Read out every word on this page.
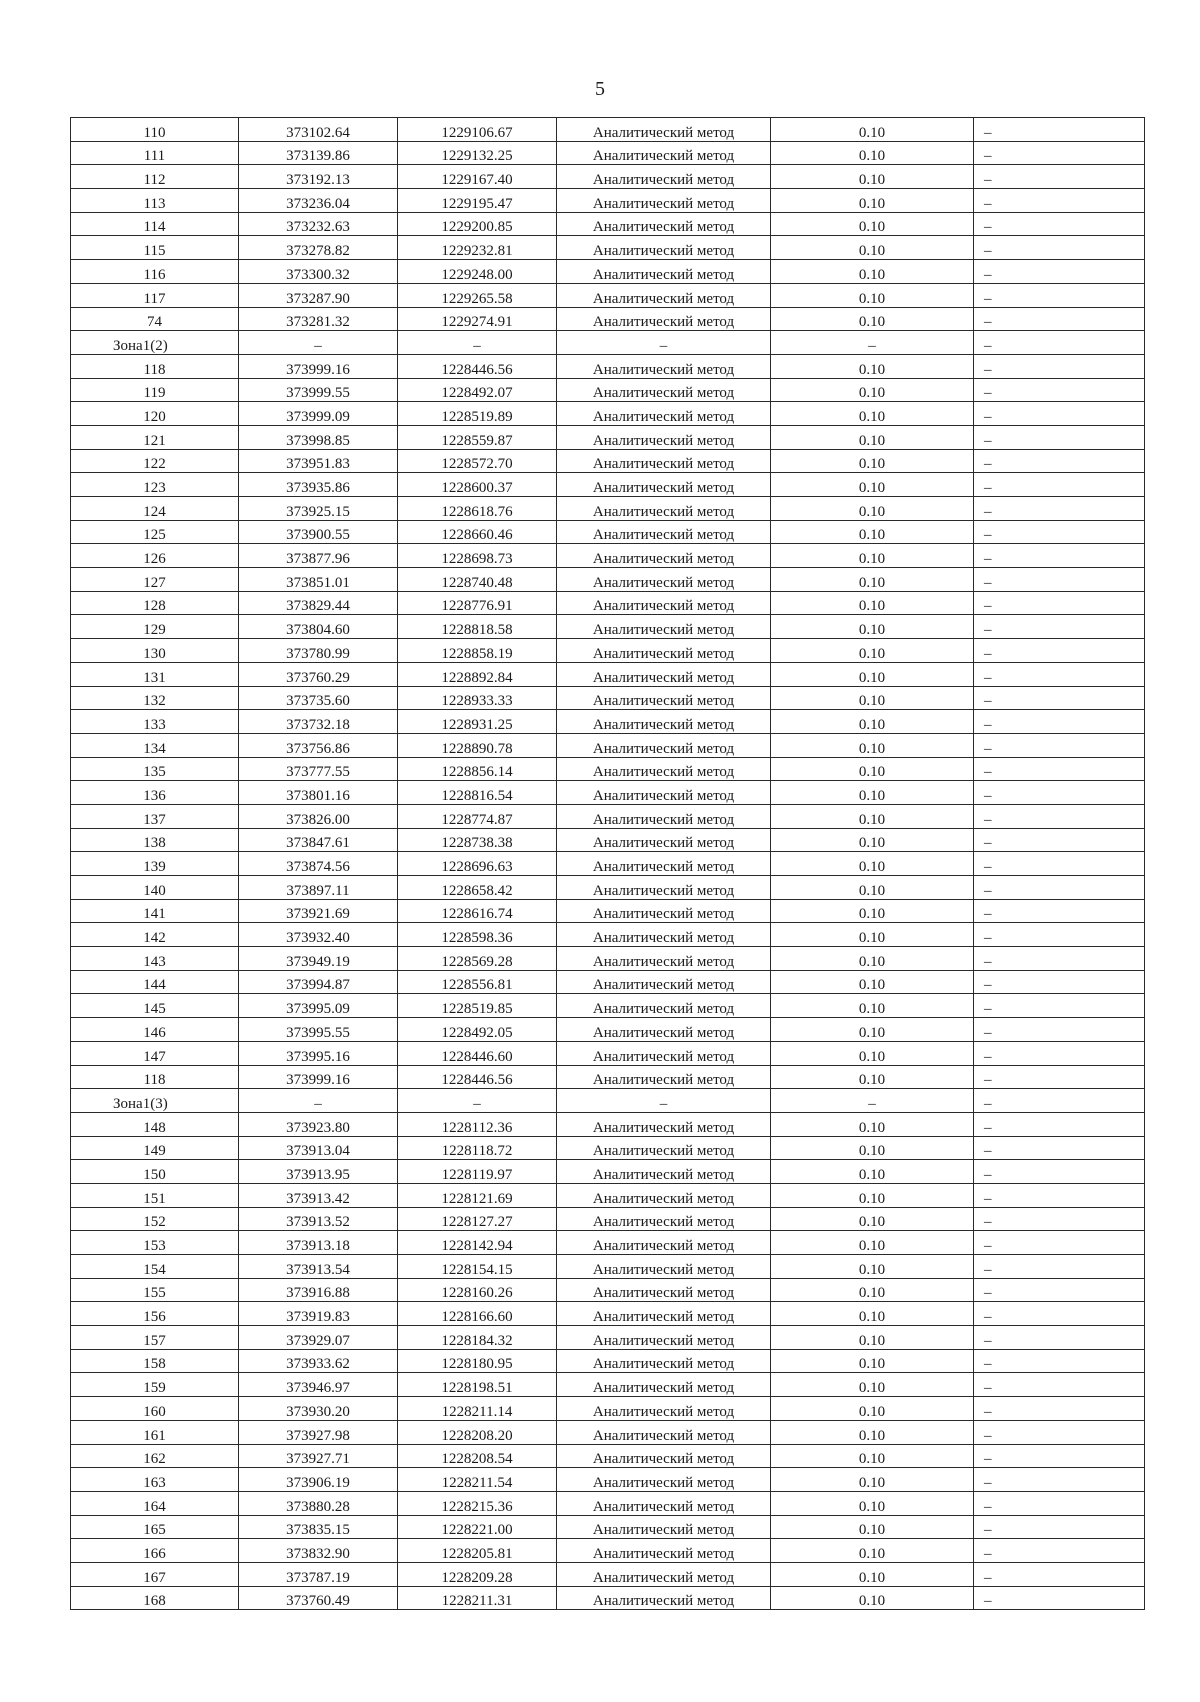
5
110	373102.64	1229106.67	Аналитический метод	0.10	–
111	373139.86	1229132.25	Аналитический метод	0.10	–
112	373192.13	1229167.40	Аналитический метод	0.10	–
113	373236.04	1229195.47	Аналитический метод	0.10	–
114	373232.63	1229200.85	Аналитический метод	0.10	–
115	373278.82	1229232.81	Аналитический метод	0.10	–
116	373300.32	1229248.00	Аналитический метод	0.10	–
117	373287.90	1229265.58	Аналитический метод	0.10	–
74	373281.32	1229274.91	Аналитический метод	0.10	–
Зона1(2)	–	–	–	–	–
118	373999.16	1228446.56	Аналитический метод	0.10	–
119	373999.55	1228492.07	Аналитический метод	0.10	–
120	373999.09	1228519.89	Аналитический метод	0.10	–
121	373998.85	1228559.87	Аналитический метод	0.10	–
122	373951.83	1228572.70	Аналитический метод	0.10	–
123	373935.86	1228600.37	Аналитический метод	0.10	–
124	373925.15	1228618.76	Аналитический метод	0.10	–
125	373900.55	1228660.46	Аналитический метод	0.10	–
126	373877.96	1228698.73	Аналитический метод	0.10	–
127	373851.01	1228740.48	Аналитический метод	0.10	–
128	373829.44	1228776.91	Аналитический метод	0.10	–
129	373804.60	1228818.58	Аналитический метод	0.10	–
130	373780.99	1228858.19	Аналитический метод	0.10	–
131	373760.29	1228892.84	Аналитический метод	0.10	–
132	373735.60	1228933.33	Аналитический метод	0.10	–
133	373732.18	1228931.25	Аналитический метод	0.10	–
134	373756.86	1228890.78	Аналитический метод	0.10	–
135	373777.55	1228856.14	Аналитический метод	0.10	–
136	373801.16	1228816.54	Аналитический метод	0.10	–
137	373826.00	1228774.87	Аналитический метод	0.10	–
138	373847.61	1228738.38	Аналитический метод	0.10	–
139	373874.56	1228696.63	Аналитический метод	0.10	–
140	373897.11	1228658.42	Аналитический метод	0.10	–
141	373921.69	1228616.74	Аналитический метод	0.10	–
142	373932.40	1228598.36	Аналитический метод	0.10	–
143	373949.19	1228569.28	Аналитический метод	0.10	–
144	373994.87	1228556.81	Аналитический метод	0.10	–
145	373995.09	1228519.85	Аналитический метод	0.10	–
146	373995.55	1228492.05	Аналитический метод	0.10	–
147	373995.16	1228446.60	Аналитический метод	0.10	–
118	373999.16	1228446.56	Аналитический метод	0.10	–
Зона1(3)	–	–	–	–	–
148	373923.80	1228112.36	Аналитический метод	0.10	–
149	373913.04	1228118.72	Аналитический метод	0.10	–
150	373913.95	1228119.97	Аналитический метод	0.10	–
151	373913.42	1228121.69	Аналитический метод	0.10	–
152	373913.52	1228127.27	Аналитический метод	0.10	–
153	373913.18	1228142.94	Аналитический метод	0.10	–
154	373913.54	1228154.15	Аналитический метод	0.10	–
155	373916.88	1228160.26	Аналитический метод	0.10	–
156	373919.83	1228166.60	Аналитический метод	0.10	–
157	373929.07	1228184.32	Аналитический метод	0.10	–
158	373933.62	1228180.95	Аналитический метод	0.10	–
159	373946.97	1228198.51	Аналитический метод	0.10	–
160	373930.20	1228211.14	Аналитический метод	0.10	–
161	373927.98	1228208.20	Аналитический метод	0.10	–
162	373927.71	1228208.54	Аналитический метод	0.10	–
163	373906.19	1228211.54	Аналитический метод	0.10	–
164	373880.28	1228215.36	Аналитический метод	0.10	–
165	373835.15	1228221.00	Аналитический метод	0.10	–
166	373832.90	1228205.81	Аналитический метод	0.10	–
167	373787.19	1228209.28	Аналитический метод	0.10	–
168	373760.49	1228211.31	Аналитический метод	0.10	–
